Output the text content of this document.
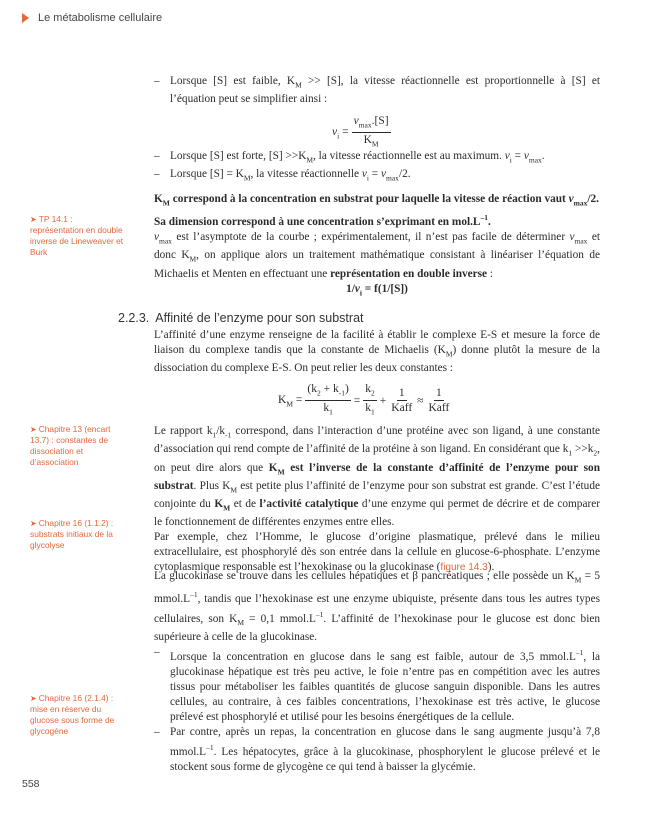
Le métabolisme cellulaire

– Lorsque [S] est faible, $K_M >> [S]$, la vitesse réactionnelle est proportionnelle à [S] et l’équation peut se simplifier ainsi :

$v_i = \frac{v_{max}.[S]}{K_M}$

– Lorsque [S] est forte, $[S] >>K_M$, la vitesse réactionnelle est au maximum. $v_i = v_{max}$.

– Lorsque $[S] = K_M$, la vitesse réactionnelle $v_i = v_{max}/2$.

$K_M$ correspond à la concentration en substrat pour laquelle la vitesse de réaction vaut $v_{max}/2$.

Sa dimension correspond à une concentration s’exprimant en $mol.L^{-1}$.

$v_{max}$ est l’asymptote de la courbe ; expérimentalement, il n’est pas facile de déterminer $v_{max}$ et donc $K_M$, on applique alors un traitement mathématique consistant à linéariser l’équation de Michaelis et Menten en effectuant une représentation en double inverse :

$1/v_i = f(1/[S])$

➤ TP 14.1 : représentation en double inverse de Lineweaver et Burk
2.2.3. Affinité de l’enzyme pour son substrat

L’affinité d’une enzyme renseigne de la facilité à établir le complexe E-S et mesure la force de liaison du complexe tandis que la constante de Michaelis $(K_M)$ donne plutôt la mesure de la dissociation du complexe E-S. On peut relier les deux constantes :

$K_M = \frac{(k_2 + k_{-1})}{k_1} = \frac{k_2}{k_1} + \frac{1}{\text{Kaff}} \approx \frac{1}{\text{Kaff}}$

Le rapport $k_1/k_{-1}$ correspond, dans l’interaction d’une protéine avec son ligand, à une constante d’association qui rend compte de l’affinité de la protéine à son ligand. En considérant que $k_1 >>k_2$, on peut dire alors que $K_M$ est l’inverse de la constante d’affinité de l’enzyme pour son substrat. Plus $K_M$ est petite plus l’affinité de l’enzyme pour son substrat est grande. C’est l’étude conjointe du $K_M$ et de l’activité catalytique d’une enzyme qui permet de décrire et de comparer le fonctionnement de différentes enzymes entre elles.

Par exemple, chez l’Homme, le glucose d’origine plasmatique, prélevé dans le milieu extracellulaire, est phosphorylé dès son entrée dans la cellule en glucose-6-phosphate. L’enzyme cytoplasmique responsable est l’hexokinase ou la glucokinase (figure 14.3).

➤ Chapitre 13 (encart 13.7) : constantes de dissociation et d’association
➤ Chapitre 16 (1.1.2) : substrats initiaux de la glycolyse

La glucokinase se trouve dans les cellules hépatiques et β pancréatiques ; elle possède un $K_M = 5$ $mmol.L^{-1}$, tandis que l’hexokinase est une enzyme ubiquiste, présente dans tous les autres types cellulaires, son $K_M = 0,1$ $mmol.L^{-1}$. L’affinité de l’hexokinase pour le glucose est donc bien supérieure à celle de la glucokinase.

– Lorsque la concentration en glucose dans le sang est faible, autour de 3,5 $mmol.L^{-1}$, la glucokinase hépatique est très peu active, le foie n’entre pas en compétition avec les autres tissus pour métaboliser les faibles quantités de glucose sanguin disponible. Dans les autres cellules, au contraire, à ces faibles concentrations, l’hexokinase est très active, le glucose prélevé est phosphorylé et utilisé pour les besoins énergétiques de la cellule.

– Par contre, après un repas, la concentration en glucose dans le sang augmente jusqu’à 7,8 $mmol.L^{-1}$. Les hépatocytes, grâce à la glucokinase, phosphorylent le glucose prélevé et le stockent sous forme de glycogène ce qui tend à baisser la glycémie.

➤ Chapitre 16 (2.1.4) : mise en réserve du glucose sous forme de glycogène
558
